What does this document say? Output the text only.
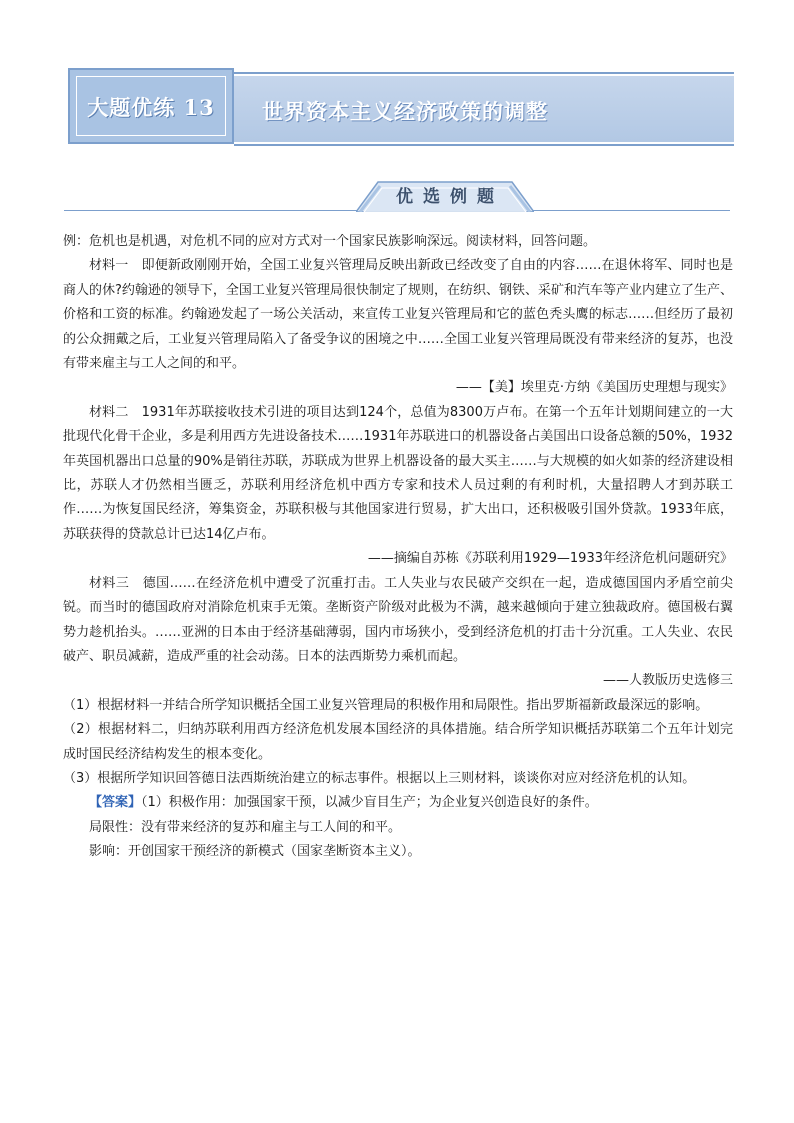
大题优练 13	世界资本主义经济政策的调整
优选例题

例：危机也是机遇，对危机不同的应对方式对一个国家民族影响深远。阅读材料，回答问题。

材料一　即便新政刚刚开始，全国工业复兴管理局反映出新政已经改变了自由的内容……在退休将军、同时也是商人的休?约翰逊的领导下，全国工业复兴管理局很快制定了规则，在纺织、钢铁、采矿和汽车等产业内建立了生产、价格和工资的标准。约翰逊发起了一场公关活动，来宣传工业复兴管理局和它的蓝色秃头鹰的标志……但经历了最初的公众拥戴之后，工业复兴管理局陷入了备受争议的困境之中……全国工业复兴管理局既没有带来经济的复苏，也没有带来雇主与工人之间的和平。

——【美】埃里克·方纳《美国历史理想与现实》

材料二　1931年苏联接收技术引进的项目达到124个，总值为8300万卢布。在第一个五年计划期间建立的一大批现代化骨干企业，多是利用西方先进设备技术……1931年苏联进口的机器设备占美国出口设备总额的50%，1932年英国机器出口总量的90%是销往苏联，苏联成为世界上机器设备的最大买主……与大规模的如火如荼的经济建设相比，苏联人才仍然相当匮乏，苏联利用经济危机中西方专家和技术人员过剩的有利时机，大量招聘人才到苏联工作……为恢复国民经济，筹集资金，苏联积极与其他国家进行贸易，扩大出口，还积极吸引国外贷款。1933年底，苏联获得的贷款总计已达14亿卢布。

——摘编自苏栋《苏联利用1929—1933年经济危机问题研究》

材料三　德国……在经济危机中遭受了沉重打击。工人失业与农民破产交织在一起，造成德国国内矛盾空前尖锐。而当时的德国政府对消除危机束手无策。垄断资产阶级对此极为不满，越来越倾向于建立独裁政府。德国极右翼势力趁机抬头。……亚洲的日本由于经济基础薄弱，国内市场狭小，受到经济危机的打击十分沉重。工人失业、农民破产、职员减薪，造成严重的社会动荡。日本的法西斯势力乘机而起。

——人教版历史选修三

（1）根据材料一并结合所学知识概括全国工业复兴管理局的积极作用和局限性。指出罗斯福新政最深远的影响。

（2）根据材料二，归纳苏联利用西方经济危机发展本国经济的具体措施。结合所学知识概括苏联第二个五年计划完成时国民经济结构发生的根本变化。

（3）根据所学知识回答德日法西斯统治建立的标志事件。根据以上三则材料，谈谈你对应对经济危机的认知。

【答案】（1）积极作用：加强国家干预，以减少盲目生产；为企业复兴创造良好的条件。

局限性：没有带来经济的复苏和雇主与工人间的和平。

影响：开创国家干预经济的新模式（国家垄断资本主义）。
